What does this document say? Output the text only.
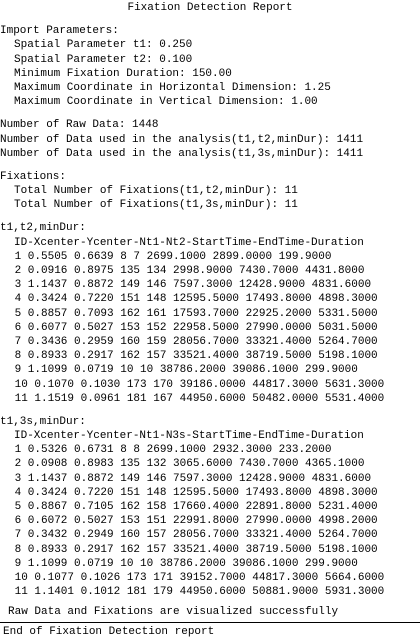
Fixation Detection Report
Import Parameters:
Spatial Parameter t1: 0.250
Spatial Parameter t2: 0.100
Minimum Fixation Duration: 150.00
Maximum Coordinate in Horizontal Dimension: 1.25
Maximum Coordinate in Vertical Dimension: 1.00
Number of Raw Data: 1448
Number of Data used in the analysis(t1,t2,minDur): 1411
Number of Data used in the analysis(t1,3s,minDur): 1411
Fixations:
Total Number of Fixations(t1,t2,minDur): 11
Total Number of Fixations(t1,3s,minDur): 11
t1,t2,minDur:
ID-Xcenter-Ycenter-Nt1-Nt2-StartTime-EndTime-Duration
1 0.5505 0.6639 8 7 2699.1000 2899.0000 199.9000
2 0.0916 0.8975 135 134 2998.9000 7430.7000 4431.8000
3 1.1437 0.8872 149 146 7597.3000 12428.9000 4831.6000
4 0.3424 0.7220 151 148 12595.5000 17493.8000 4898.3000
5 0.8857 0.7093 162 161 17593.7000 22925.2000 5331.5000
6 0.6077 0.5027 153 152 22958.5000 27990.0000 5031.5000
7 0.3436 0.2959 160 159 28056.7000 33321.4000 5264.7000
8 0.8933 0.2917 162 157 33521.4000 38719.5000 5198.1000
9 1.1099 0.0719 10 10 38786.2000 39086.1000 299.9000
10 0.1070 0.1030 173 170 39186.0000 44817.3000 5631.3000
11 1.1519 0.0961 181 167 44950.6000 50482.0000 5531.4000
t1,3s,minDur:
ID-Xcenter-Ycenter-Nt1-N3s-StartTime-EndTime-Duration
1 0.5326 0.6731 8 8 2699.1000 2932.3000 233.2000
2 0.0908 0.8983 135 132 3065.6000 7430.7000 4365.1000
3 1.1437 0.8872 149 146 7597.3000 12428.9000 4831.6000
4 0.3424 0.7220 151 148 12595.5000 17493.8000 4898.3000
5 0.8867 0.7105 162 158 17660.4000 22891.8000 5231.4000
6 0.6072 0.5027 153 151 22991.8000 27990.0000 4998.2000
7 0.3432 0.2949 160 157 28056.7000 33321.4000 5264.7000
8 0.8933 0.2917 162 157 33521.4000 38719.5000 5198.1000
9 1.1099 0.0719 10 10 38786.2000 39086.1000 299.9000
10 0.1077 0.1026 173 171 39152.7000 44817.3000 5664.6000
11 1.1401 0.1012 181 179 44950.6000 50881.9000 5931.3000
Raw Data and Fixations are visualized successfully
End of Fixation Detection report
